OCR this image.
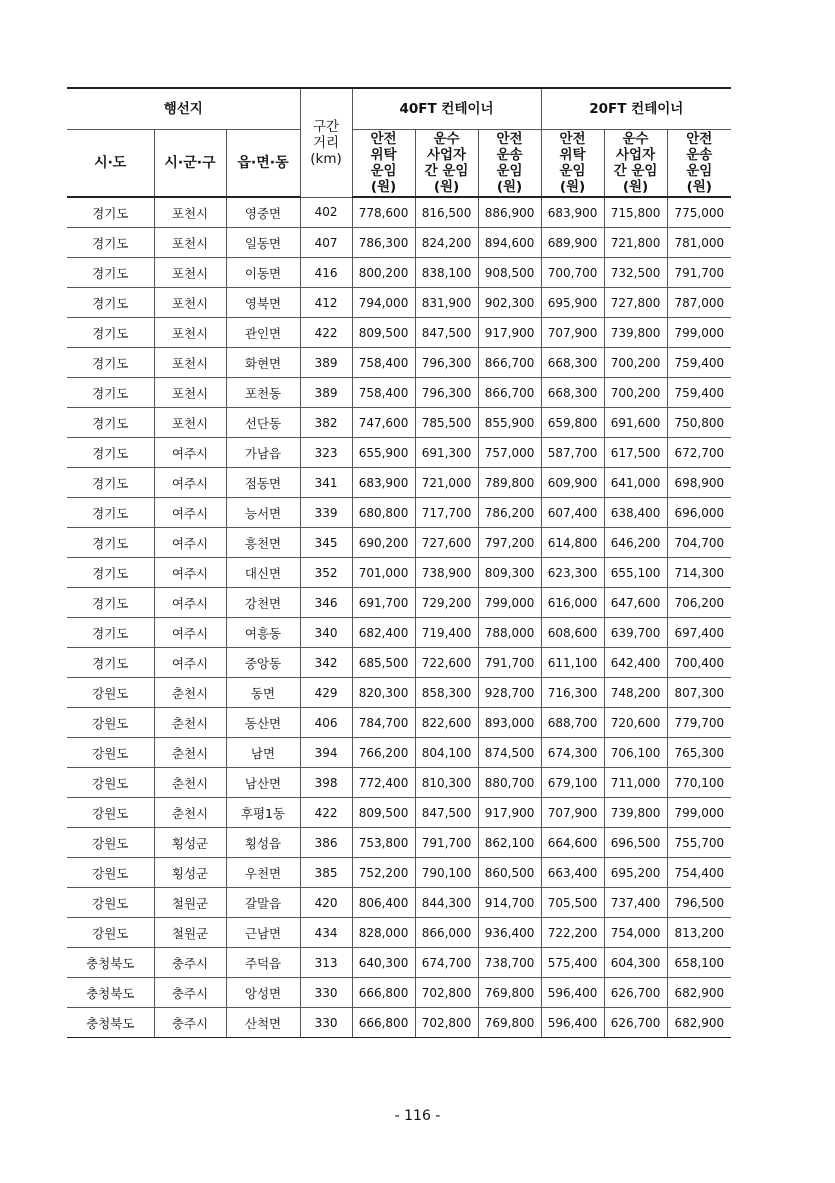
행선지			구간
거리
(km)	40FT 컨테이너			20FT 컨테이너		
시·도	시·군·구	읍·면·동		안전
위탁
운임
(원)	운수
사업자
간 운임
(원)	안전
운송
운임
(원)	안전
위탁
운임
(원)	운수
사업자
간 운임
(원)	안전
운송
운임
(원)
경기도	포천시	영중면	402	778,600	816,500	886,900	683,900	715,800	775,000
경기도	포천시	일동면	407	786,300	824,200	894,600	689,900	721,800	781,000
경기도	포천시	이동면	416	800,200	838,100	908,500	700,700	732,500	791,700
경기도	포천시	영북면	412	794,000	831,900	902,300	695,900	727,800	787,000
경기도	포천시	관인면	422	809,500	847,500	917,900	707,900	739,800	799,000
경기도	포천시	화현면	389	758,400	796,300	866,700	668,300	700,200	759,400
경기도	포천시	포천동	389	758,400	796,300	866,700	668,300	700,200	759,400
경기도	포천시	선단동	382	747,600	785,500	855,900	659,800	691,600	750,800
경기도	여주시	가남읍	323	655,900	691,300	757,000	587,700	617,500	672,700
경기도	여주시	점동면	341	683,900	721,000	789,800	609,900	641,000	698,900
경기도	여주시	능서면	339	680,800	717,700	786,200	607,400	638,400	696,000
경기도	여주시	흥천면	345	690,200	727,600	797,200	614,800	646,200	704,700
경기도	여주시	대신면	352	701,000	738,900	809,300	623,300	655,100	714,300
경기도	여주시	강천면	346	691,700	729,200	799,000	616,000	647,600	706,200
경기도	여주시	여흥동	340	682,400	719,400	788,000	608,600	639,700	697,400
경기도	여주시	중앙동	342	685,500	722,600	791,700	611,100	642,400	700,400
강원도	춘천시	동면	429	820,300	858,300	928,700	716,300	748,200	807,300
강원도	춘천시	동산면	406	784,700	822,600	893,000	688,700	720,600	779,700
강원도	춘천시	남면	394	766,200	804,100	874,500	674,300	706,100	765,300
강원도	춘천시	남산면	398	772,400	810,300	880,700	679,100	711,000	770,100
강원도	춘천시	후평1동	422	809,500	847,500	917,900	707,900	739,800	799,000
강원도	횡성군	횡성읍	386	753,800	791,700	862,100	664,600	696,500	755,700
강원도	횡성군	우천면	385	752,200	790,100	860,500	663,400	695,200	754,400
강원도	철원군	갈말읍	420	806,400	844,300	914,700	705,500	737,400	796,500
강원도	철원군	근남면	434	828,000	866,000	936,400	722,200	754,000	813,200
충청북도	충주시	주덕읍	313	640,300	674,700	738,700	575,400	604,300	658,100
충청북도	충주시	앙성면	330	666,800	702,800	769,800	596,400	626,700	682,900
충청북도	충주시	산척면	330	666,800	702,800	769,800	596,400	626,700	682,900
- 116 -
